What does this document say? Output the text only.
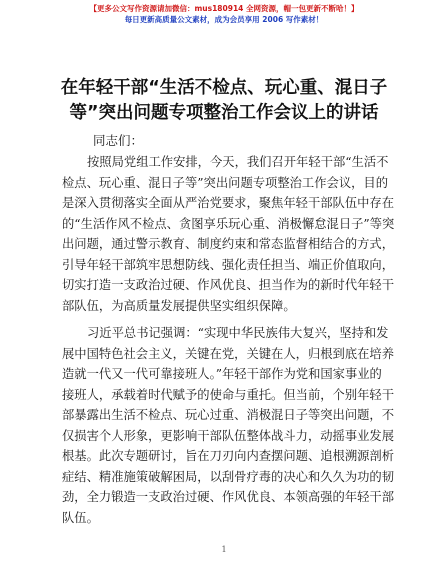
【更多公文写作资源请加微信：mus180914 全网资源，帽一包更新不断哈！】
每日更新高质量公文素材，成为会员享用 2006 写作素材！
在年轻干部“生活不检点、玩心重、混日子
等”突出问题专项整治工作会议上的讲话
同志们：
按照局党组工作安排，今天，我们召开年轻干部“生活不
检点、玩心重、混日子等”突出问题专项整治工作会议，目的
是深入贯彻落实全面从严治党要求，聚焦年轻干部队伍中存在
的“生活作风不检点、贪图享乐玩心重、消极懈怠混日子”等突
出问题，通过警示教育、制度约束和常态监督相结合的方式，
引导年轻干部筑牢思想防线、强化责任担当、端正价值取向，
切实打造一支政治过硬、作风优良、担当作为的新时代年轻干
部队伍，为高质量发展提供坚实组织保障。
习近平总书记强调：“实现中华民族伟大复兴，坚持和发
展中国特色社会主义，关键在党，关键在人，归根到底在培养
造就一代又一代可靠接班人。”年轻干部作为党和国家事业的
接班人，承载着时代赋予的使命与重托。但当前，个别年轻干
部暴露出生活不检点、玩心过重、消极混日子等突出问题，不
仅损害个人形象，更影响干部队伍整体战斗力，动摇事业发展
根基。此次专题研讨，旨在刀刃向内查摆问题、追根溯源剖析
症结、精准施策破解困局，以刮骨疗毒的决心和久久为功的韧
劲，全力锻造一支政治过硬、作风优良、本领高强的年轻干部
队伍。
1
